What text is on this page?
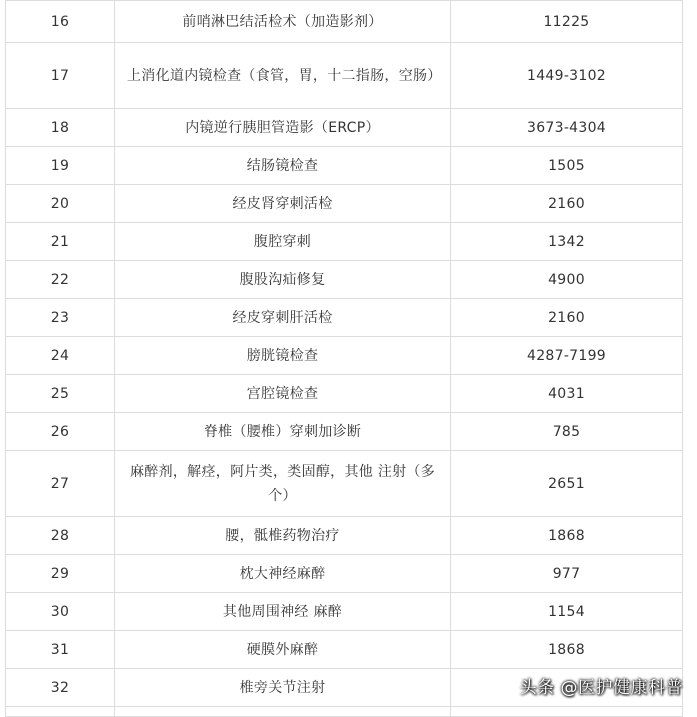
16	前哨淋巴结活检术（加造影剂）	11225
17	上消化道内镜检查（食管，胃，十二指肠，空肠）	1449-3102
18	内镜逆行胰胆管造影（ERCP）	3673-4304
19	结肠镜检查	1505
20	经皮肾穿刺活检	2160
21	腹腔穿刺	1342
22	腹股沟疝修复	4900
23	经皮穿刺肝活检	2160
24	膀胱镜检查	4287-7199
25	宫腔镜检查	4031
26	脊椎（腰椎）穿刺加诊断	785
27	麻醉剂，解痉，阿片类，类固醇，其他 注射（多个）	2651
28	腰，骶椎药物治疗	1868
29	枕大神经麻醉	977
30	其他周围神经 麻醉	1154
31	硬膜外麻醉	1868
32	椎旁关节注射	
			头条 @医护健康科普
